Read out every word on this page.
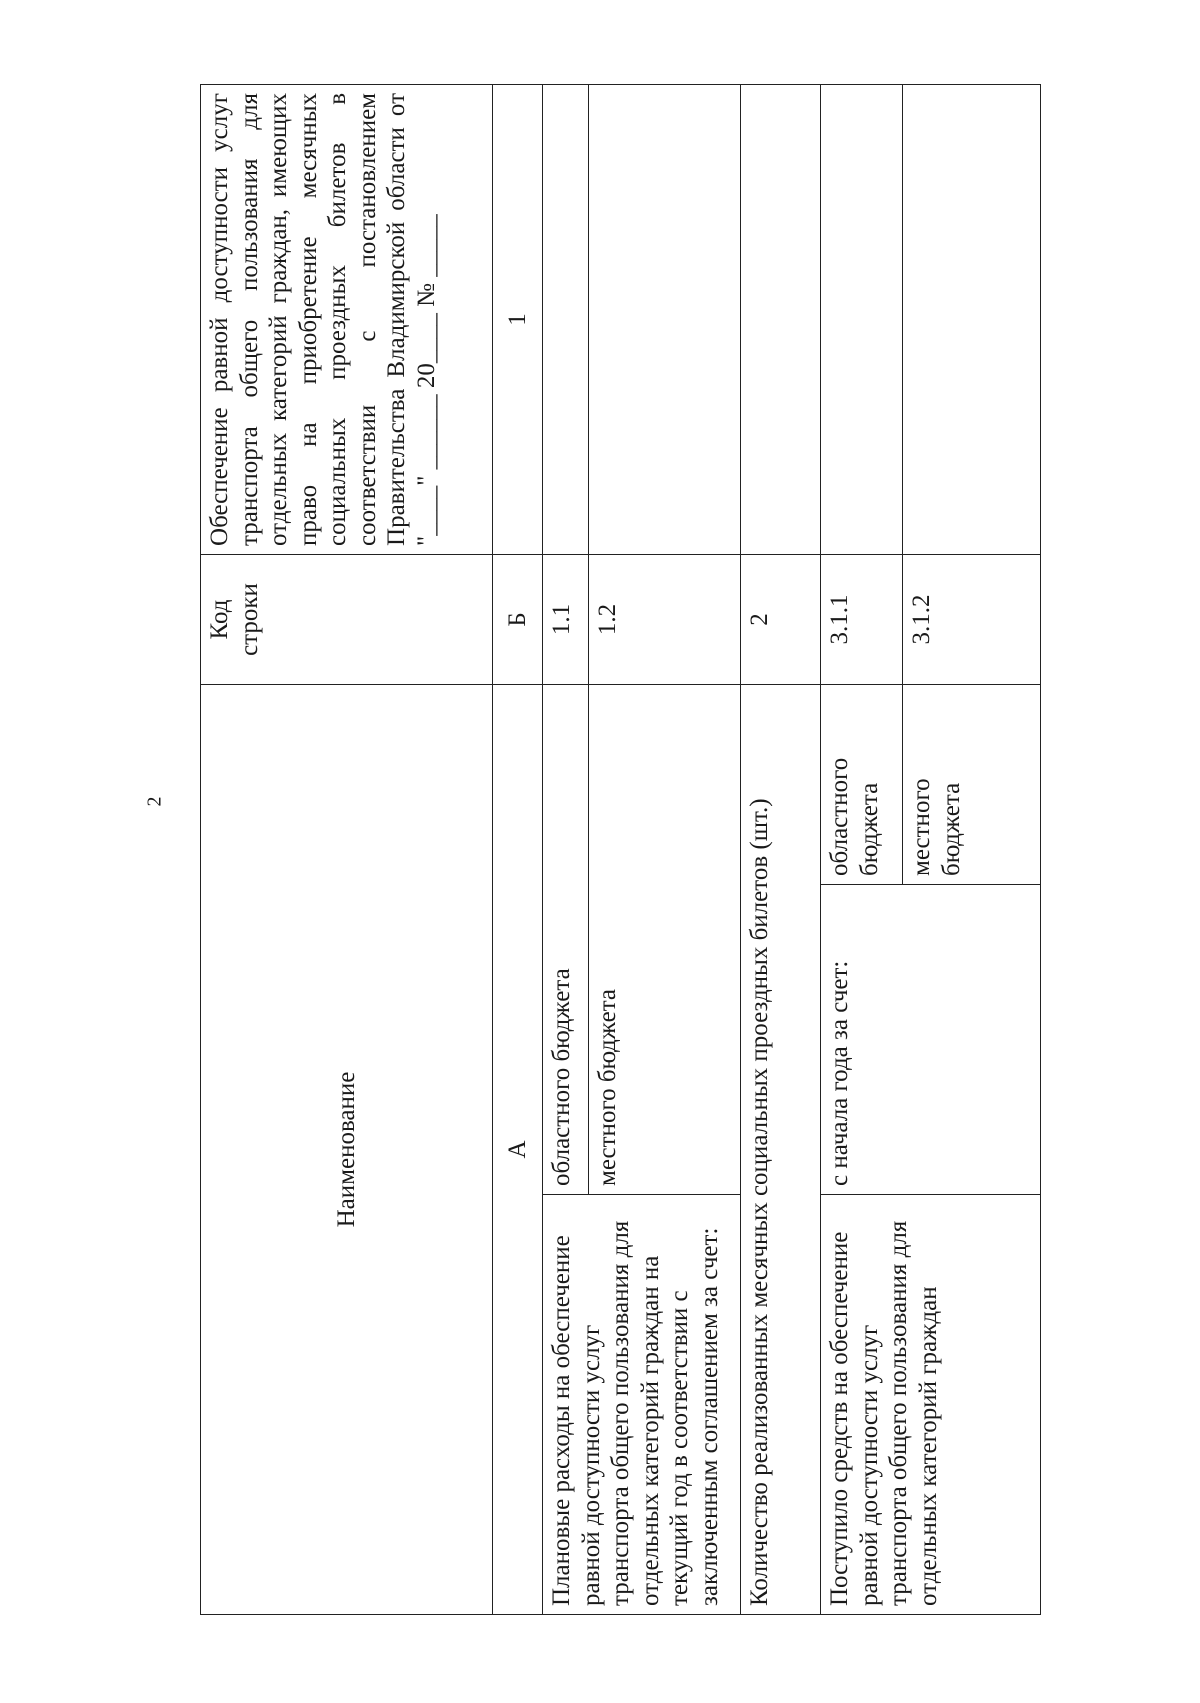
2
Наименование			Код строки	Обеспечение равной доступности услуг транспорта общего пользования для отдельных категорий граждан, имеющих право на приобретение месячных социальных проездных билетов в соответствии с постановлением Правительства Владимирской области от "____" ______ 20____ № _____
А			Б	1
Плановые расходы на обеспечение равной доступности услуг транспорта общего пользования для отдельных категорий граждан на текущий год в соответствии с заключенным соглашением за счет:	областного бюджета		1.1	
	местного бюджета		1.2	
Количество реализованных месячных социальных проездных билетов (шт.)			2	
Поступило средств на обеспечение равной доступности услуг транспорта общего пользования для отдельных категорий граждан	с начала года за счет:	областного бюджета	3.1.1	
		местного бюджета	3.1.2	
